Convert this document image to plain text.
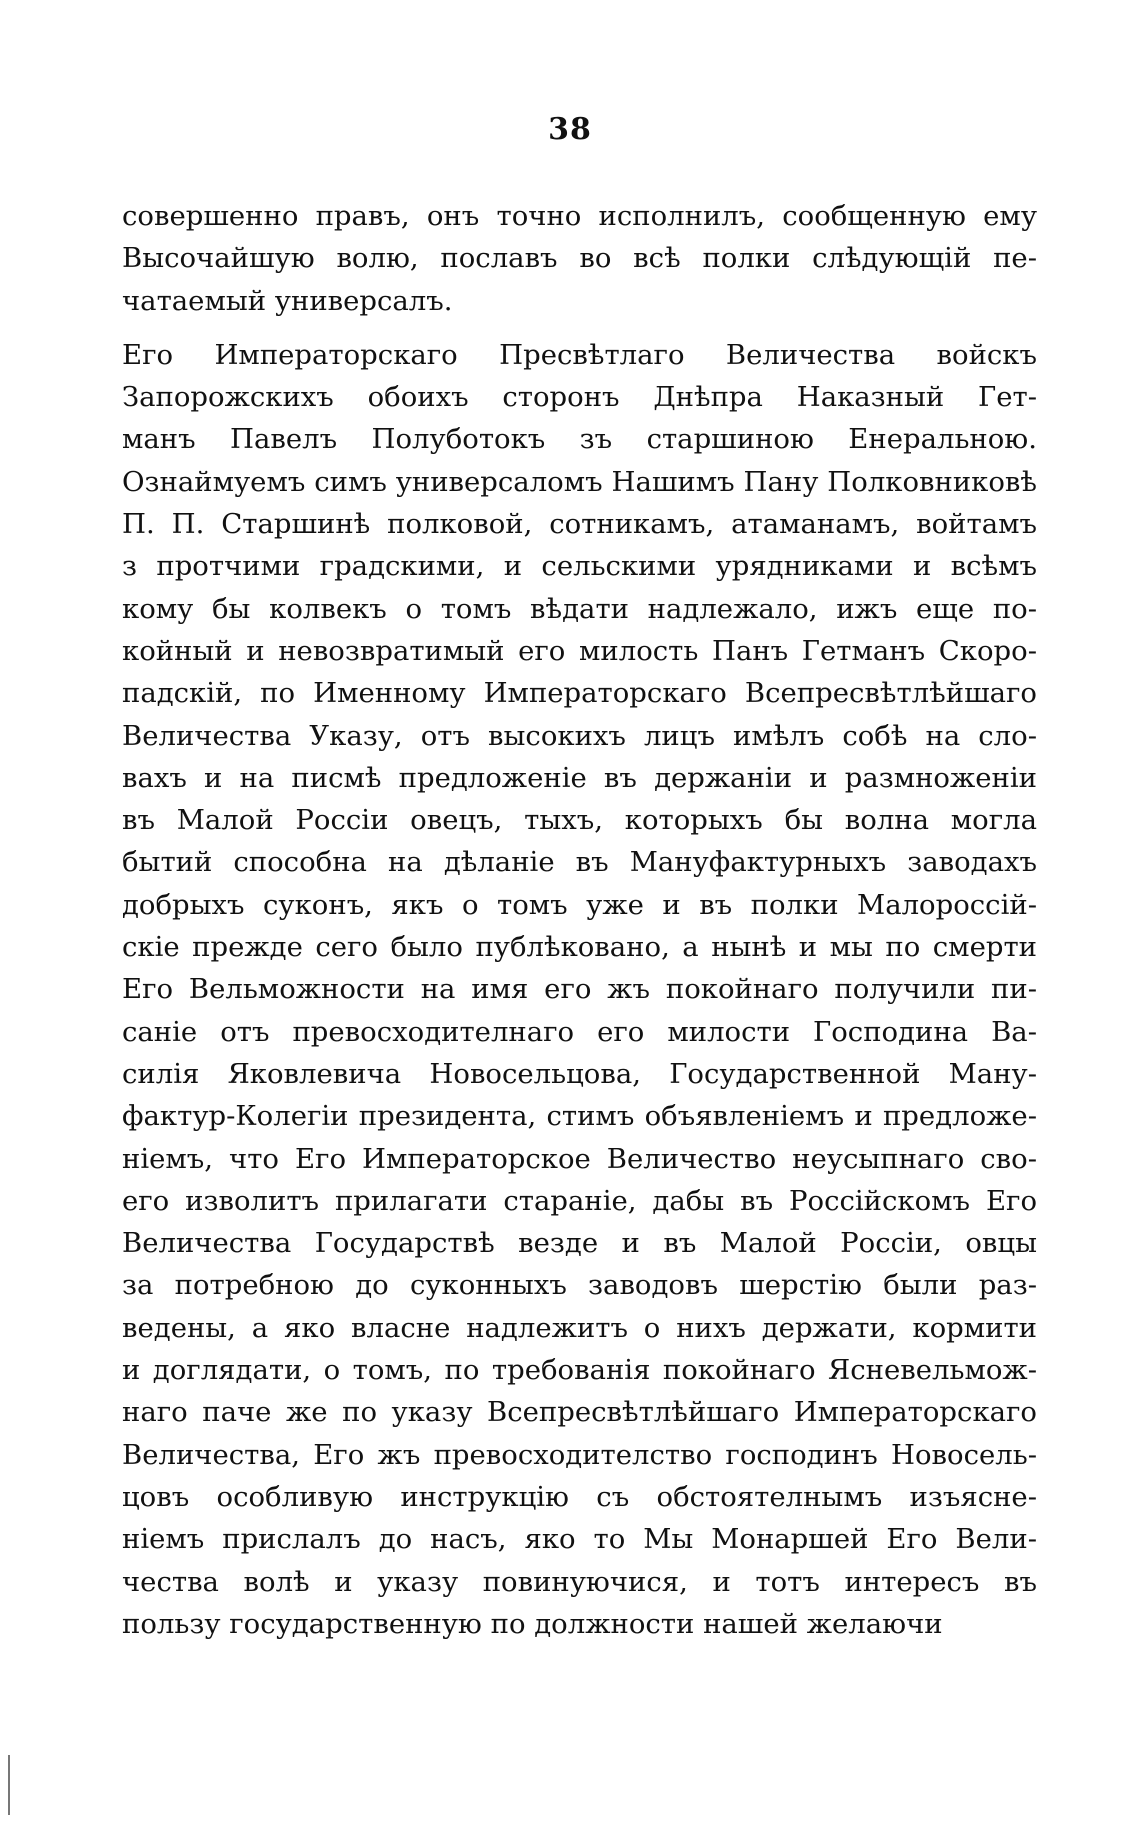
38
совершенно правъ, онъ точно исполнилъ, сообщенную ему
Высочайшую волю, пославъ во всѣ полки слѣдующій пе-
чатаемый универсалъ.
Его Императорскаго Пресвѣтлаго Величества войскъ
Запорожскихъ обоихъ сторонъ Днѣпра Наказный Гет-
манъ Павелъ Полуботокъ зъ старшиною Енеральною.
Ознаймуемъ симъ универсаломъ Нашимъ Пану Полковниковѣ
П. П. Старшинѣ полковой, сотникамъ, атаманамъ, войтамъ
з протчими градскими, и сельскими урядниками и всѣмъ
кому бы колвекъ о томъ вѣдати надлежало, ижъ еще по-
койный и невозвратимый его милость Панъ Гетманъ Скоро-
падскій, по Именному Императорскаго Всепресвѣтлѣйшаго
Величества Указу, отъ высокихъ лицъ имѣлъ собѣ на сло-
вахъ и на писмѣ предложеніе въ держаніи и размноженіи
въ Малой Россіи овецъ, тыхъ, которыхъ бы волна могла
бытий способна на дѣланіе въ Мануфактурныхъ заводахъ
добрыхъ суконъ, якъ о томъ уже и въ полки Малороссій-
скіе прежде сего было публѣковано, а нынѣ и мы по смерти
Его Вельможности на имя его жъ покойнаго получили пи-
саніе отъ превосходителнаго его милости Господина Ва-
силія Яковлевича Новосельцова, Государственной Ману-
фактур-Колегіи президента, стимъ объявленіемъ и предложе-
ніемъ, что Его Императорское Величество неусыпнаго сво-
его изволитъ прилагати стараніе, дабы въ Россійскомъ Его
Величества Государствѣ везде и въ Малой Россіи, овцы
за потребною до суконныхъ заводовъ шерстію были раз-
ведены, а яко власне надлежитъ о нихъ держати, кормити
и доглядати, о томъ, по требованія покойнаго Ясневельмож-
наго паче же по указу Всепресвѣтлѣйшаго Императорскаго
Величества, Его жъ превосходителство господинъ Новосель-
цовъ особливую инструкцію съ обстоятелнымъ изъясне-
ніемъ прислалъ до насъ, яко то Мы Монаршей Его Вели-
чества волѣ и указу повинуючися, и тотъ интересъ въ
пользу государственную по должности нашей желаючи
